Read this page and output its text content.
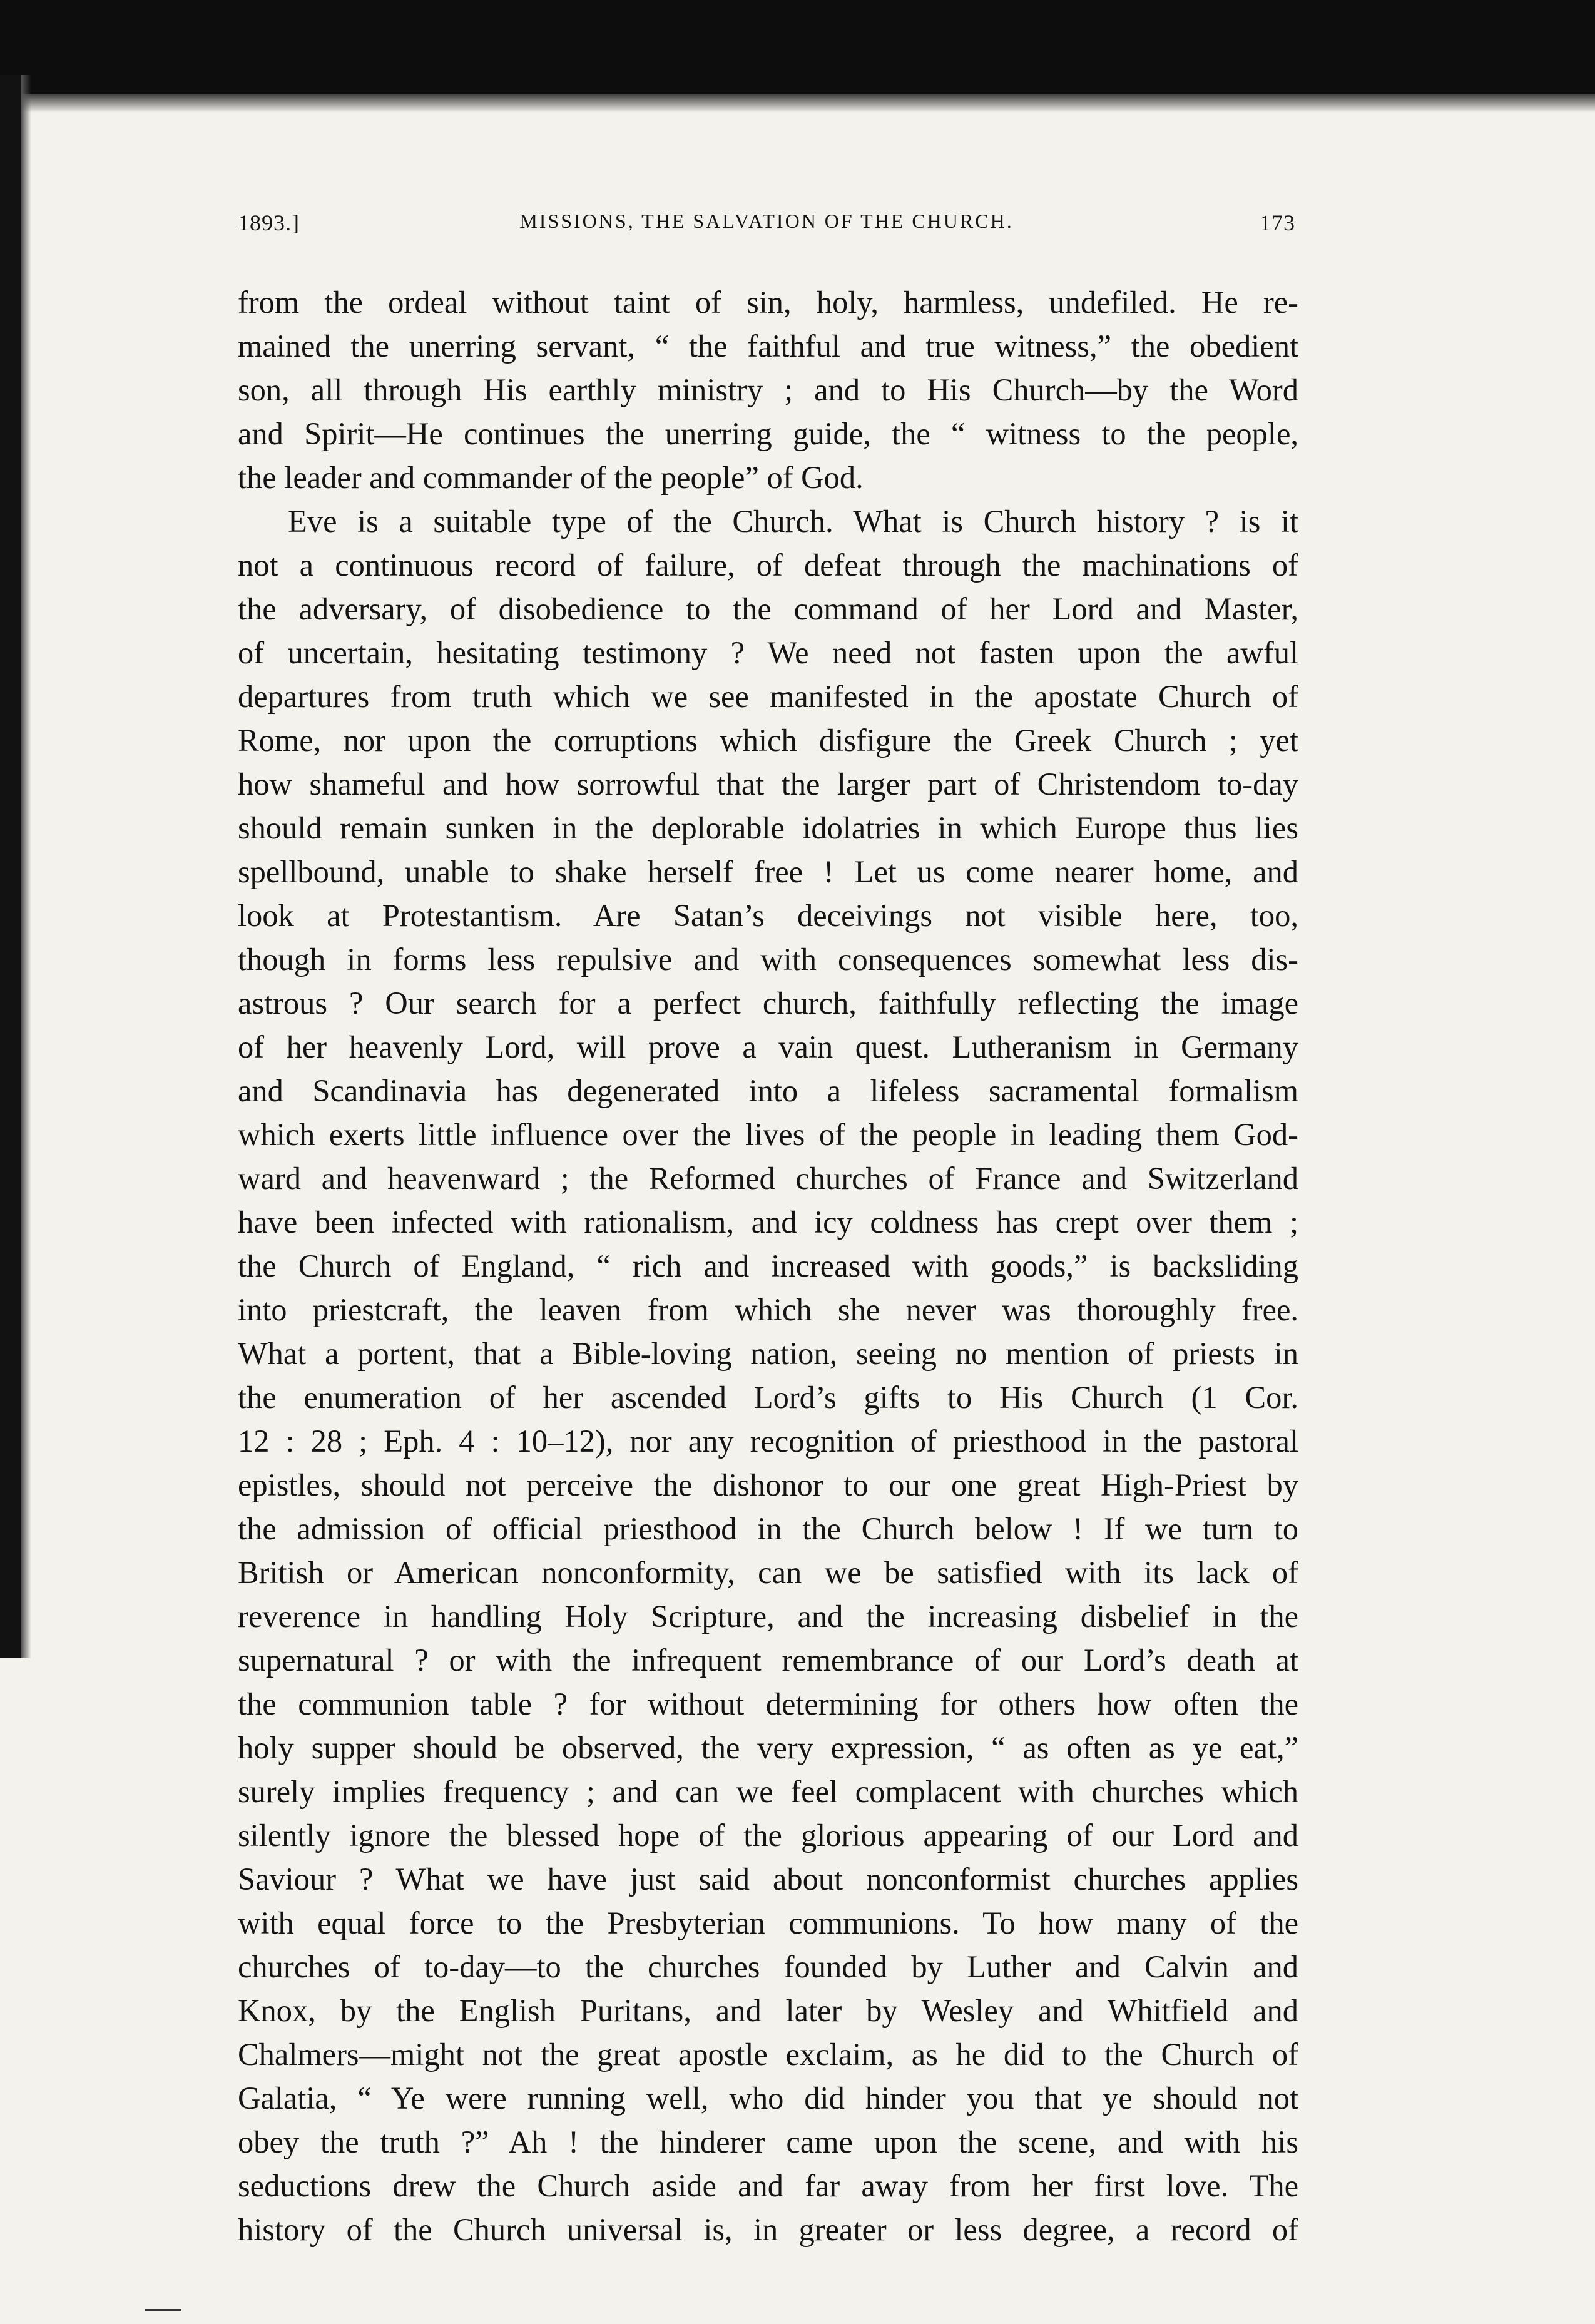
1893.]	MISSIONS, THE SALVATION OF THE CHURCH.	173
from the ordeal without taint of sin, holy, harmless, undefiled. He re-
mained the unerring servant, “ the faithful and true witness,” the obedient
son, all through His earthly ministry ; and to His Church—by the Word
and Spirit—He continues the unerring guide, the “ witness to the people,
the leader and commander of the people” of God.
Eve is a suitable type of the Church. What is Church history ? is it
not a continuous record of failure, of defeat through the machinations of
the adversary, of disobedience to the command of her Lord and Master,
of uncertain, hesitating testimony ? We need not fasten upon the awful
departures from truth which we see manifested in the apostate Church of
Rome, nor upon the corruptions which disfigure the Greek Church ; yet
how shameful and how sorrowful that the larger part of Christendom to-day
should remain sunken in the deplorable idolatries in which Europe thus lies
spellbound, unable to shake herself free ! Let us come nearer home, and
look at Protestantism. Are Satan’s deceivings not visible here, too,
though in forms less repulsive and with consequences somewhat less dis-
astrous ? Our search for a perfect church, faithfully reflecting the image
of her heavenly Lord, will prove a vain quest. Lutheranism in Germany
and Scandinavia has degenerated into a lifeless sacramental formalism
which exerts little influence over the lives of the people in leading them God-
ward and heavenward ; the Reformed churches of France and Switzerland
have been infected with rationalism, and icy coldness has crept over them ;
the Church of England, “ rich and increased with goods,” is backsliding
into priestcraft, the leaven from which she never was thoroughly free.
What a portent, that a Bible-loving nation, seeing no mention of priests in
the enumeration of her ascended Lord’s gifts to His Church (1 Cor.
12 : 28 ; Eph. 4 : 10–12), nor any recognition of priesthood in the pastoral
epistles, should not perceive the dishonor to our one great High-Priest by
the admission of official priesthood in the Church below ! If we turn to
British or American nonconformity, can we be satisfied with its lack of
reverence in handling Holy Scripture, and the increasing disbelief in the
supernatural ? or with the infrequent remembrance of our Lord’s death at
the communion table ? for without determining for others how often the
holy supper should be observed, the very expression, “ as often as ye eat,”
surely implies frequency ; and can we feel complacent with churches which
silently ignore the blessed hope of the glorious appearing of our Lord and
Saviour ? What we have just said about nonconformist churches applies
with equal force to the Presbyterian communions. To how many of the
churches of to-day—to the churches founded by Luther and Calvin and
Knox, by the English Puritans, and later by Wesley and Whitfield and
Chalmers—might not the great apostle exclaim, as he did to the Church of
Galatia, “ Ye were running well, who did hinder you that ye should not
obey the truth ?” Ah ! the hinderer came upon the scene, and with his
seductions drew the Church aside and far away from her first love. The
history of the Church universal is, in greater or less degree, a record of
